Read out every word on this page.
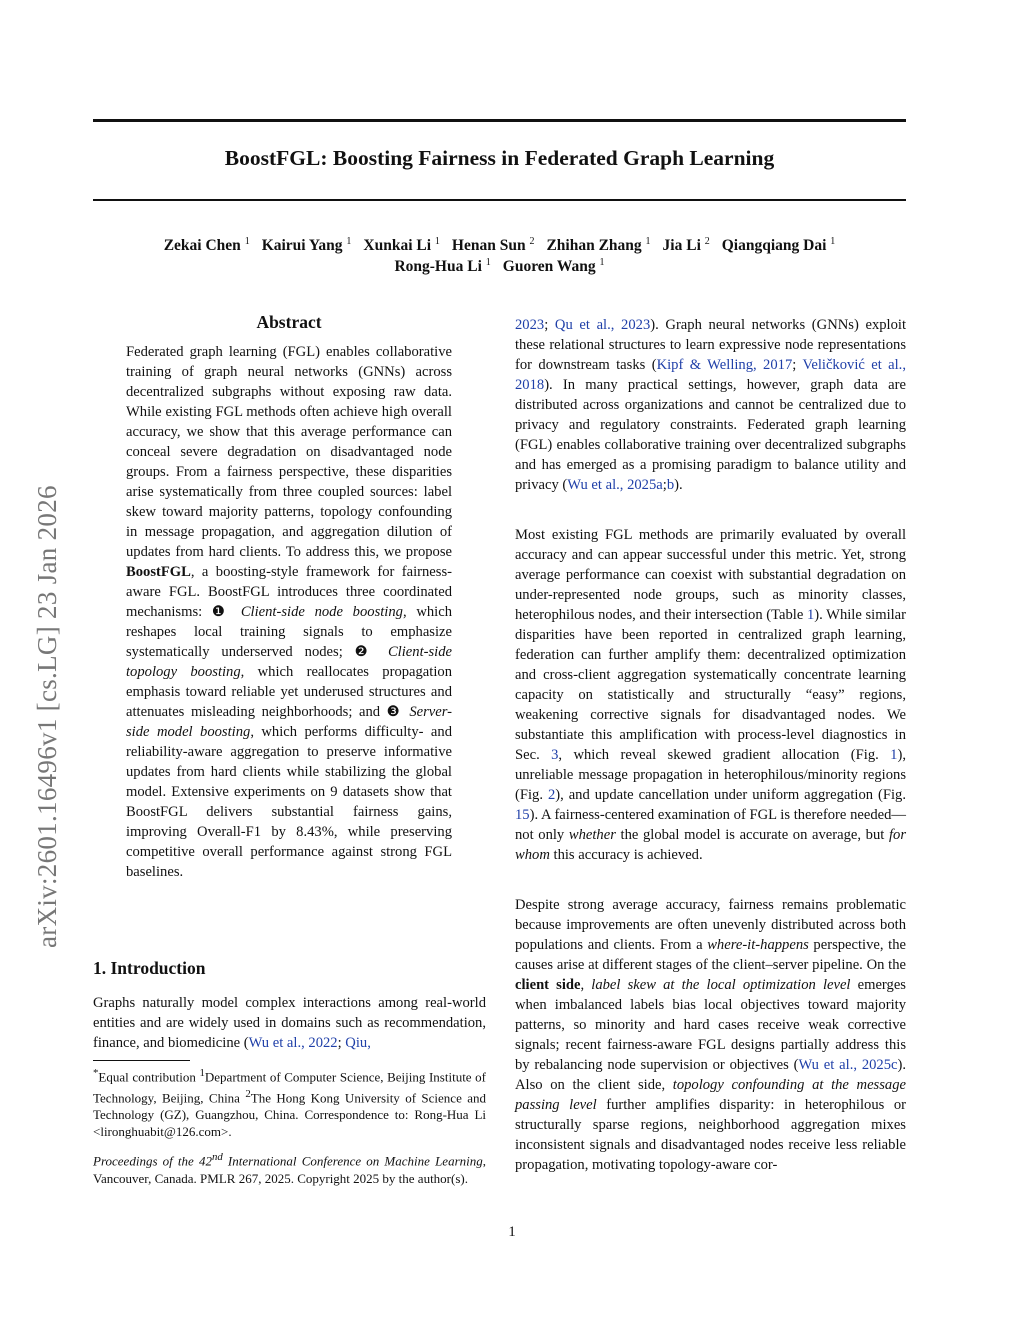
BoostFGL: Boosting Fairness in Federated Graph Learning

Zekai Chen $^1$ Kairui Yang $^1$ Xunkai Li $^1$ Henan Sun $^2$ Zhihan Zhang $^1$ Jia Li $^2$ Qiangqiang Dai $^1$

Rong-Hua Li $^1$ Guoren Wang $^1$

arXiv:2601.16496v1 [cs.LG] 23 Jan 2026
Abstract

Federated graph learning (FGL) enables collaborative training of graph neural networks (GNNs) across decentralized subgraphs without exposing raw data. While existing FGL methods often achieve high overall accuracy, we show that this average performance can conceal severe degradation on disadvantaged node groups. From a fairness perspective, these disparities arise systematically from three coupled sources: label skew toward majority patterns, topology confounding in message propagation, and aggregation dilution of updates from hard clients. To address this, we propose BoostFGL, a boosting-style framework for fairness-aware FGL. BoostFGL introduces three coordinated mechanisms: ❶ Client-side node boosting, which reshapes local training signals to emphasize systematically underserved nodes; ❷ Client-side topology boosting, which reallocates propagation emphasis toward reliable yet underused structures and attenuates misleading neighborhoods; and ❸ Server-side model boosting, which performs difficulty- and reliability-aware aggregation to preserve informative updates from hard clients while stabilizing the global model. Extensive experiments on 9 datasets show that BoostFGL delivers substantial fairness gains, improving Overall-F1 by 8.43%, while preserving competitive overall performance against strong FGL baselines.

1. Introduction

Graphs naturally model complex interactions among real-world entities and are widely used in domains such as recommendation, finance, and biomedicine (Wu et al., 2022; Qiu,

*Equal contribution $^1$Department of Computer Science, Beijing Institute of Technology, Beijing, China $^2$The Hong Kong University of Science and Technology (GZ), Guangzhou, China. Correspondence to: Rong-Hua Li <lironghuabit@126.com>.

Proceedings of the 42nd International Conference on Machine Learning, Vancouver, Canada. PMLR 267, 2025. Copyright 2025 by the author(s).

2023; Qu et al., 2023). Graph neural networks (GNNs) exploit these relational structures to learn expressive node representations for downstream tasks (Kipf & Welling, 2017; Veličković et al., 2018). In many practical settings, however, graph data are distributed across organizations and cannot be centralized due to privacy and regulatory constraints. Federated graph learning (FGL) enables collaborative training over decentralized subgraphs and has emerged as a promising paradigm to balance utility and privacy (Wu et al., 2025a;b).

Most existing FGL methods are primarily evaluated by overall accuracy and can appear successful under this metric. Yet, strong average performance can coexist with substantial degradation on under-represented node groups, such as minority classes, heterophilous nodes, and their intersection (Table 1). While similar disparities have been reported in centralized graph learning, federation can further amplify them: decentralized optimization and cross-client aggregation systematically concentrate learning capacity on statistically and structurally “easy” regions, weakening corrective signals for disadvantaged nodes. We substantiate this amplification with process-level diagnostics in Sec. 3, which reveal skewed gradient allocation (Fig. 1), unreliable message propagation in heterophilous/minority regions (Fig. 2), and update cancellation under uniform aggregation (Fig. 15). A fairness-centered examination of FGL is therefore needed—not only whether the global model is accurate on average, but for whom this accuracy is achieved.

Despite strong average accuracy, fairness remains problematic because improvements are often unevenly distributed across both populations and clients. From a where-it-happens perspective, the causes arise at different stages of the client–server pipeline. On the client side, label skew at the local optimization level emerges when imbalanced labels bias local objectives toward majority patterns, so minority and hard cases receive weak corrective signals; recent fairness-aware FGL designs partially address this by rebalancing node supervision or objectives (Wu et al., 2025c). Also on the client side, topology confounding at the message passing level further amplifies disparity: in heterophilous or structurally sparse regions, neighborhood aggregation mixes inconsistent signals and disadvantaged nodes receive less reliable propagation, motivating topology-aware cor-

1
